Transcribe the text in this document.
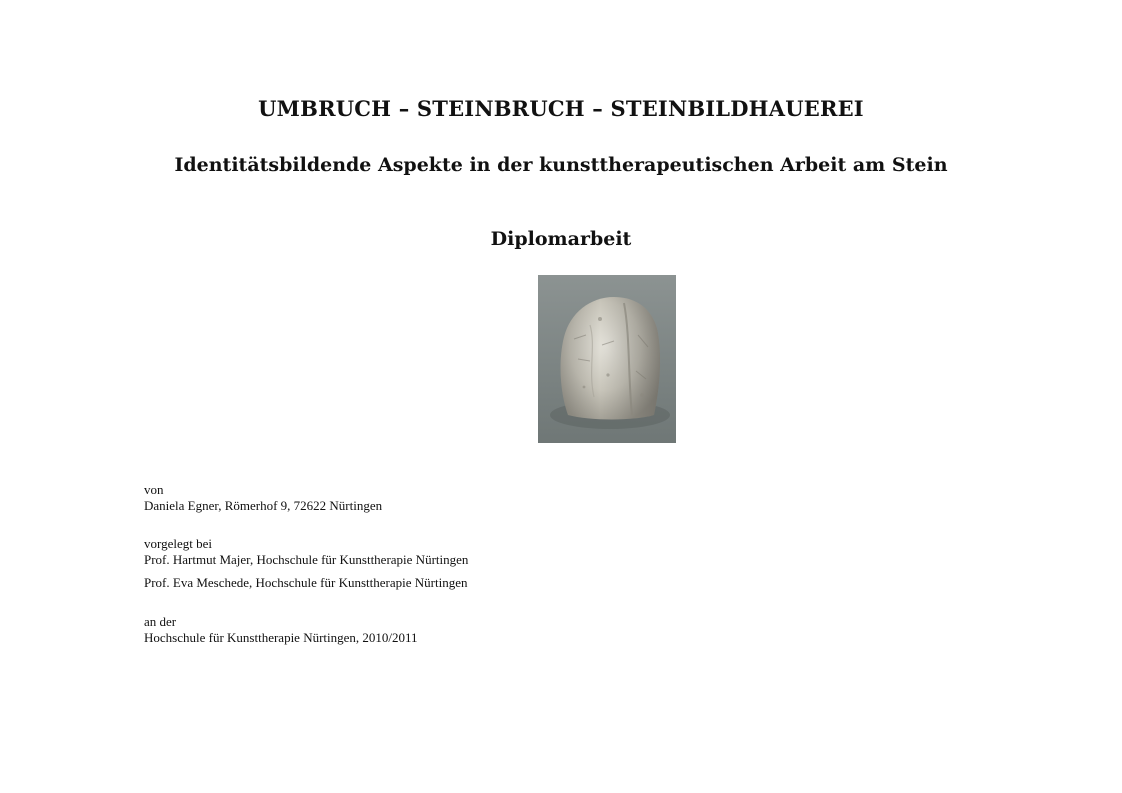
UMBRUCH – STEINBRUCH – STEINBILDHAUEREI
Identitätsbildende Aspekte in der kunsttherapeutischen Arbeit am Stein
Diplomarbeit
von
Daniela Egner, Römerhof 9, 72622 Nürtingen
vorgelegt bei
Prof. Hartmut Majer, Hochschule für Kunsttherapie Nürtingen
Prof. Eva Meschede, Hochschule für Kunsttherapie Nürtingen
an der
Hochschule für Kunsttherapie Nürtingen, 2010/2011
